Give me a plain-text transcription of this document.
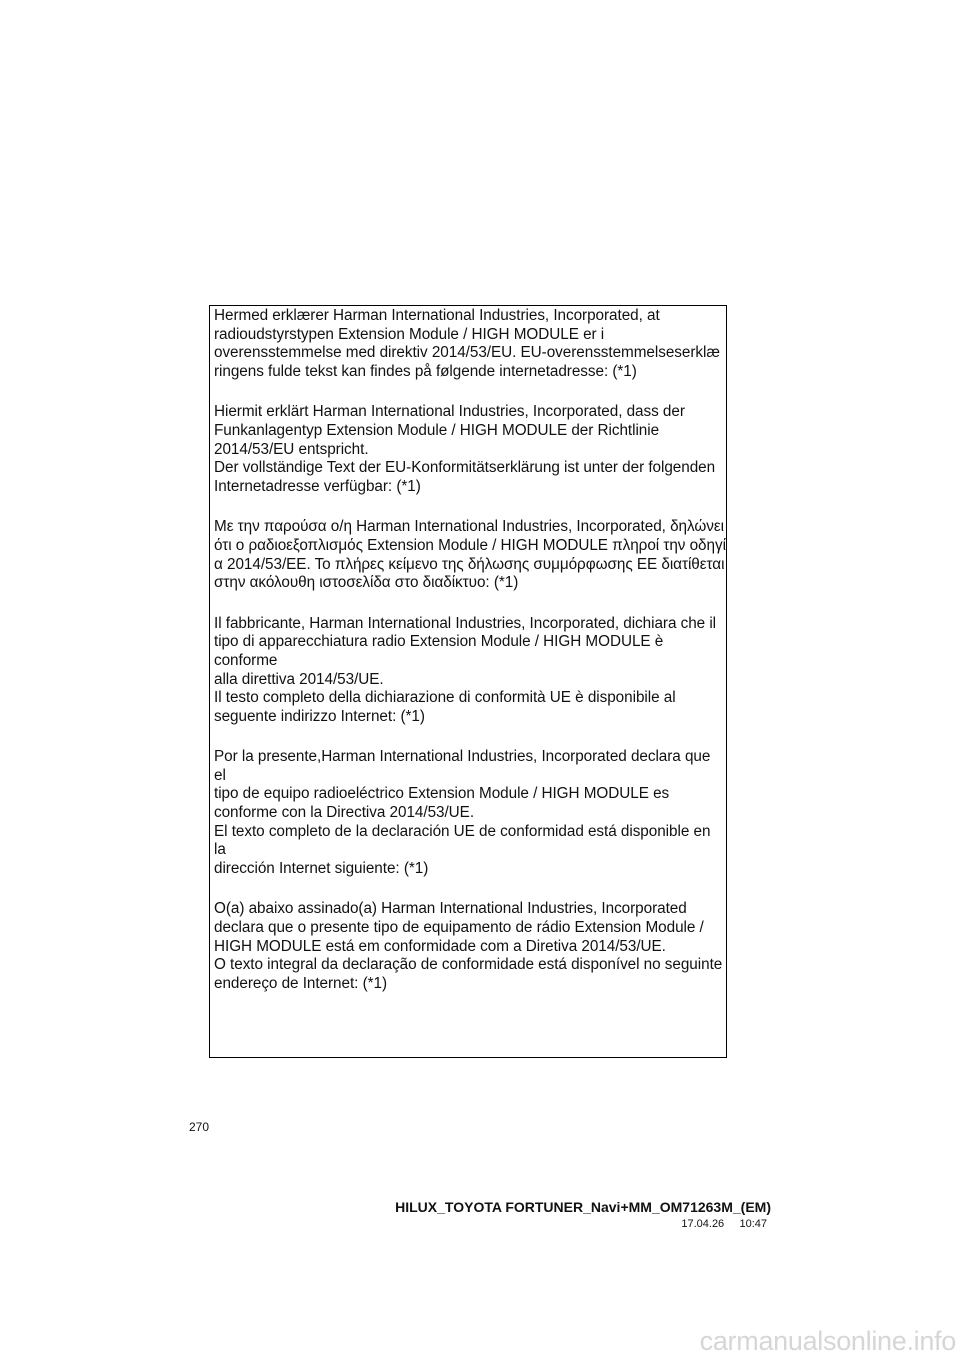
Hermed erklærer Harman International Industries, Incorporated, at
radioudstyrstypen Extension Module / HIGH MODULE er i
overensstemmelse med direktiv 2014/53/EU. EU-overensstemmelseserklæ
ringens fulde tekst kan findes på følgende internetadresse: (*1)

Hiermit erklärt Harman International Industries, Incorporated, dass der
Funkanlagentyp Extension Module / HIGH MODULE der Richtlinie
2014/53/EU entspricht.
Der vollständige Text der EU-Konformitätserklärung ist unter der folgenden
Internetadresse verfügbar: (*1)

Με την παρούσα ο/η Harman International Industries, Incorporated, δηλώνει
ότι ο ραδιοεξοπλισμός Extension Module / HIGH MODULE πληροί την οδηγί
α 2014/53/ΕΕ. Το πλήρες κείμενο της δήλωσης συμμόρφωσης ΕΕ διατίθεται
στην ακόλουθη ιστοσελίδα στο διαδίκτυο: (*1)

Il fabbricante, Harman International Industries, Incorporated, dichiara che il
tipo di apparecchiatura radio Extension Module / HIGH MODULE è conforme
alla direttiva 2014/53/UE.
Il testo completo della dichiarazione di conformità UE è disponibile al
seguente indirizzo Internet: (*1)

Por la presente,Harman International Industries, Incorporated declara que el
tipo de equipo radioeléctrico Extension Module / HIGH MODULE es
conforme con la Directiva 2014/53/UE.
El texto completo de la declaración UE de conformidad está disponible en la
dirección Internet siguiente: (*1)

O(a) abaixo assinado(a) Harman International Industries, Incorporated
declara que o presente tipo de equipamento de rádio Extension Module /
HIGH MODULE está em conformidade com a Diretiva 2014/53/UE.
O texto integral da declaração de conformidade está disponível no seguinte
endereço de Internet: (*1)

270
HILUX_TOYOTA FORTUNER_Navi+MM_OM71263M_(EM)
17.04.26     10:47
carmanualsonline.info
